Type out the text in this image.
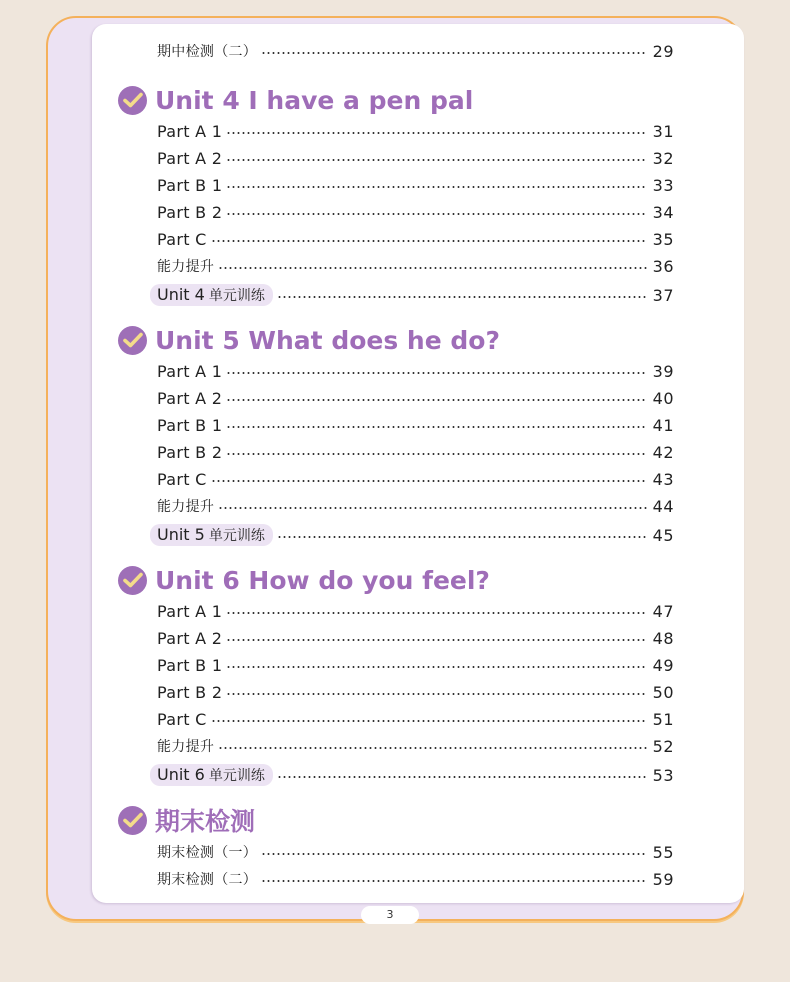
3
期中检测（二）	29
Unit 4 I have a pen pal
Part A 1	31
Part A 2	32
Part B 1	33
Part B 2	34
Part C	35
能力提升	36
Unit 4 单元训练	37
Unit 5 What does he do?
Part A 1	39
Part A 2	40
Part B 1	41
Part B 2	42
Part C	43
能力提升	44
Unit 5 单元训练	45
Unit 6 How do you feel?
Part A 1	47
Part A 2	48
Part B 1	49
Part B 2	50
Part C	51
能力提升	52
Unit 6 单元训练	53
期末检测
期末检测（一）	55
期末检测（二）	59
